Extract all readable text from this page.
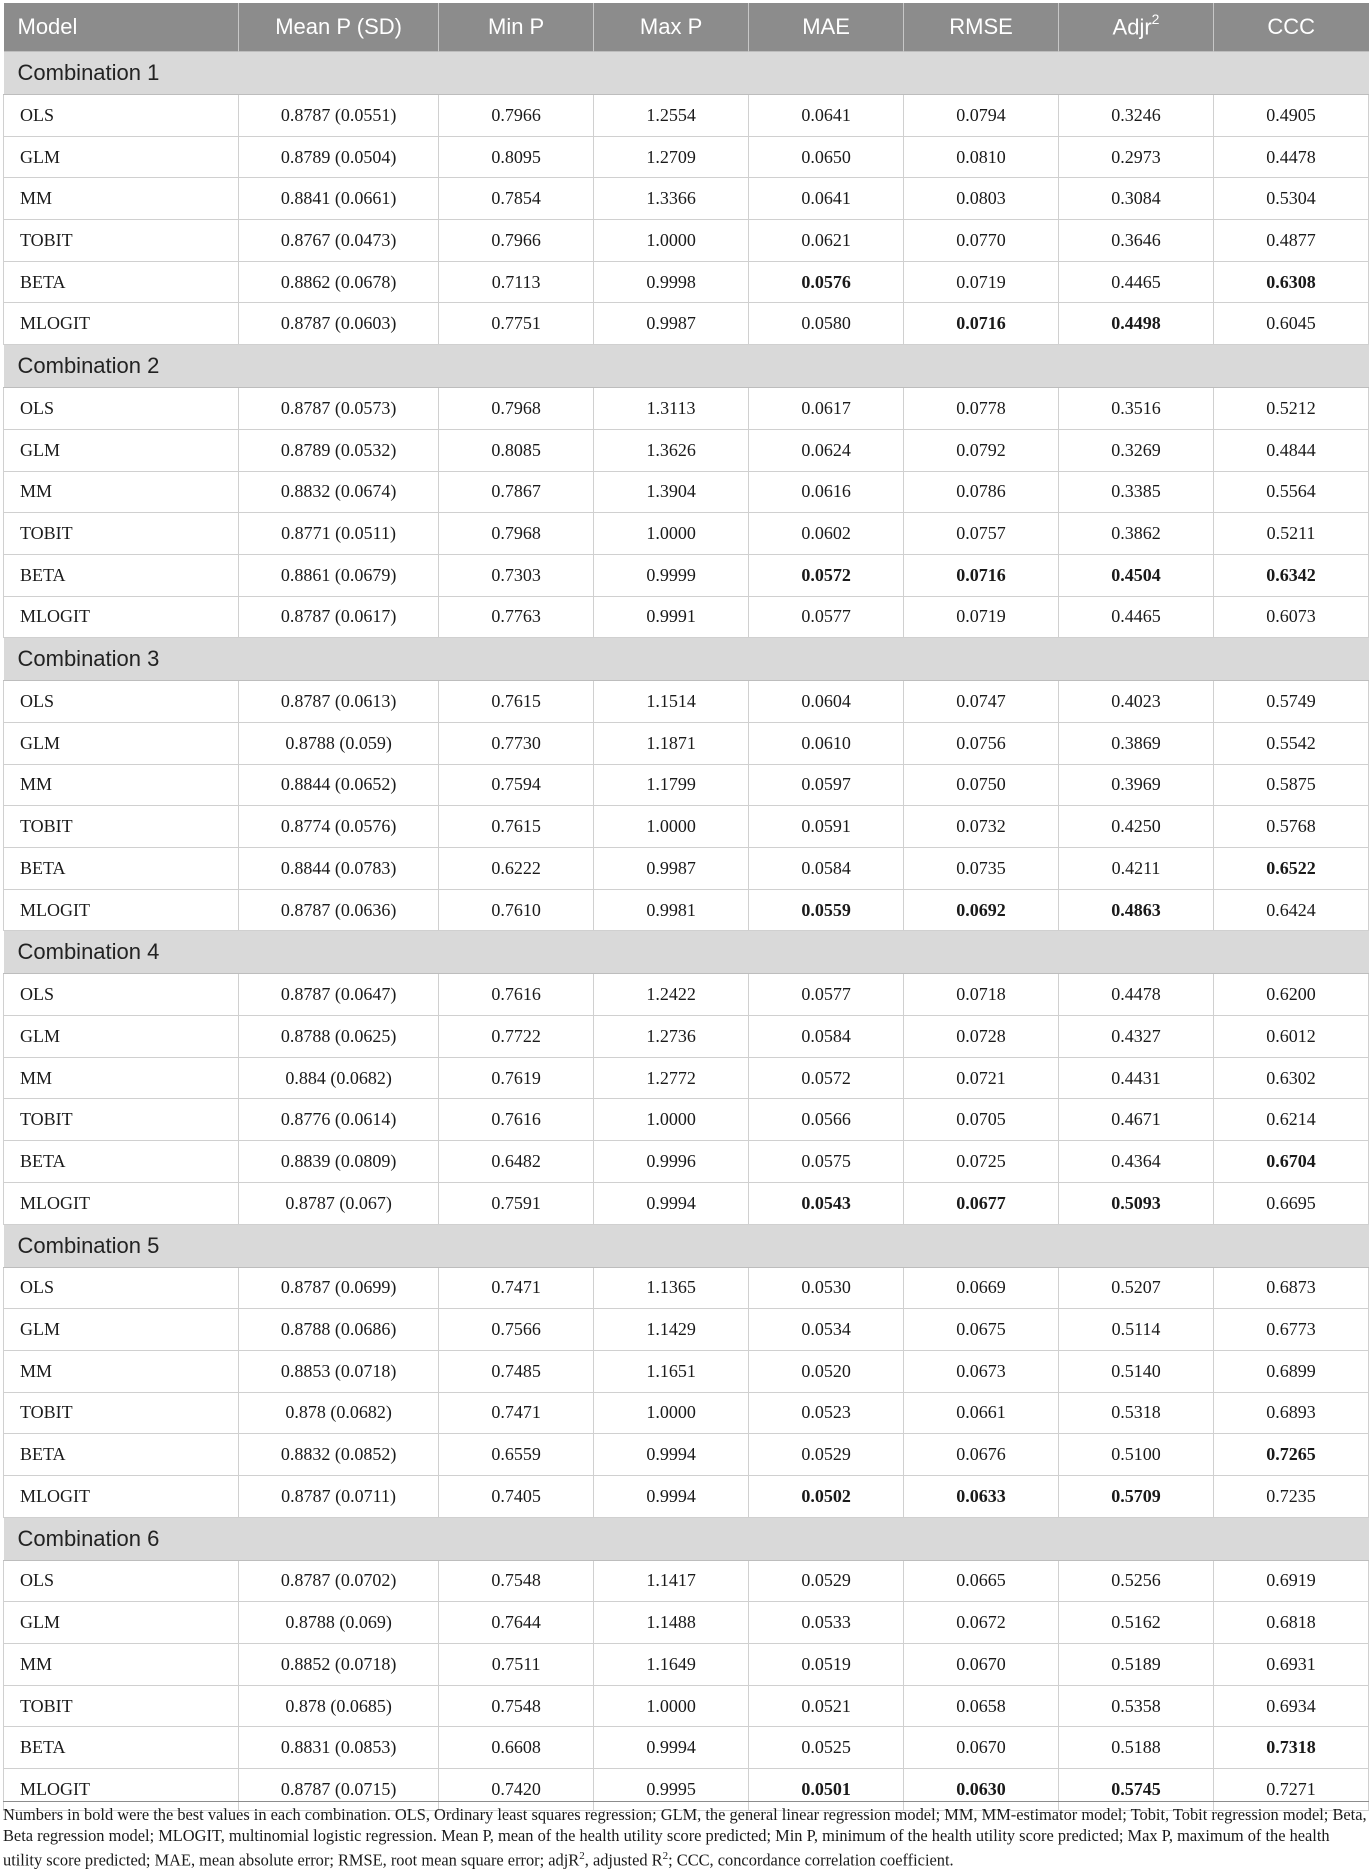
Model	Mean P (SD)	Min P	Max P	MAE	RMSE	Adjr$^2$	CCC
Combination 1							
OLS	0.8787 (0.0551)	0.7966	1.2554	0.0641	0.0794	0.3246	0.4905
GLM	0.8789 (0.0504)	0.8095	1.2709	0.0650	0.0810	0.2973	0.4478
MM	0.8841 (0.0661)	0.7854	1.3366	0.0641	0.0803	0.3084	0.5304
TOBIT	0.8767 (0.0473)	0.7966	1.0000	0.0621	0.0770	0.3646	0.4877
BETA	0.8862 (0.0678)	0.7113	0.9998	0.0576	0.0719	0.4465	0.6308
MLOGIT	0.8787 (0.0603)	0.7751	0.9987	0.0580	0.0716	0.4498	0.6045
Combination 2							
OLS	0.8787 (0.0573)	0.7968	1.3113	0.0617	0.0778	0.3516	0.5212
GLM	0.8789 (0.0532)	0.8085	1.3626	0.0624	0.0792	0.3269	0.4844
MM	0.8832 (0.0674)	0.7867	1.3904	0.0616	0.0786	0.3385	0.5564
TOBIT	0.8771 (0.0511)	0.7968	1.0000	0.0602	0.0757	0.3862	0.5211
BETA	0.8861 (0.0679)	0.7303	0.9999	0.0572	0.0716	0.4504	0.6342
MLOGIT	0.8787 (0.0617)	0.7763	0.9991	0.0577	0.0719	0.4465	0.6073
Combination 3							
OLS	0.8787 (0.0613)	0.7615	1.1514	0.0604	0.0747	0.4023	0.5749
GLM	0.8788 (0.059)	0.7730	1.1871	0.0610	0.0756	0.3869	0.5542
MM	0.8844 (0.0652)	0.7594	1.1799	0.0597	0.0750	0.3969	0.5875
TOBIT	0.8774 (0.0576)	0.7615	1.0000	0.0591	0.0732	0.4250	0.5768
BETA	0.8844 (0.0783)	0.6222	0.9987	0.0584	0.0735	0.4211	0.6522
MLOGIT	0.8787 (0.0636)	0.7610	0.9981	0.0559	0.0692	0.4863	0.6424
Combination 4							
OLS	0.8787 (0.0647)	0.7616	1.2422	0.0577	0.0718	0.4478	0.6200
GLM	0.8788 (0.0625)	0.7722	1.2736	0.0584	0.0728	0.4327	0.6012
MM	0.884 (0.0682)	0.7619	1.2772	0.0572	0.0721	0.4431	0.6302
TOBIT	0.8776 (0.0614)	0.7616	1.0000	0.0566	0.0705	0.4671	0.6214
BETA	0.8839 (0.0809)	0.6482	0.9996	0.0575	0.0725	0.4364	0.6704
MLOGIT	0.8787 (0.067)	0.7591	0.9994	0.0543	0.0677	0.5093	0.6695
Combination 5							
OLS	0.8787 (0.0699)	0.7471	1.1365	0.0530	0.0669	0.5207	0.6873
GLM	0.8788 (0.0686)	0.7566	1.1429	0.0534	0.0675	0.5114	0.6773
MM	0.8853 (0.0718)	0.7485	1.1651	0.0520	0.0673	0.5140	0.6899
TOBIT	0.878 (0.0682)	0.7471	1.0000	0.0523	0.0661	0.5318	0.6893
BETA	0.8832 (0.0852)	0.6559	0.9994	0.0529	0.0676	0.5100	0.7265
MLOGIT	0.8787 (0.0711)	0.7405	0.9994	0.0502	0.0633	0.5709	0.7235
Combination 6							
OLS	0.8787 (0.0702)	0.7548	1.1417	0.0529	0.0665	0.5256	0.6919
GLM	0.8788 (0.069)	0.7644	1.1488	0.0533	0.0672	0.5162	0.6818
MM	0.8852 (0.0718)	0.7511	1.1649	0.0519	0.0670	0.5189	0.6931
TOBIT	0.878 (0.0685)	0.7548	1.0000	0.0521	0.0658	0.5358	0.6934
BETA	0.8831 (0.0853)	0.6608	0.9994	0.0525	0.0670	0.5188	0.7318
MLOGIT	0.8787 (0.0715)	0.7420	0.9995	0.0501	0.0630	0.5745	0.7271
Numbers in bold were the best values in each combination. OLS, Ordinary least squares regression; GLM, the general linear regression model; MM, MM-estimator model; Tobit, Tobit regression model; Beta, Beta regression model; MLOGIT, multinomial logistic regression. Mean P, mean of the health utility score predicted; Min P, minimum of the health utility score predicted; Max P, maximum of the health utility score predicted; MAE, mean absolute error; RMSE, root mean square error; adjR$^2$, adjusted $R^2$; CCC, concordance correlation coefficient.
